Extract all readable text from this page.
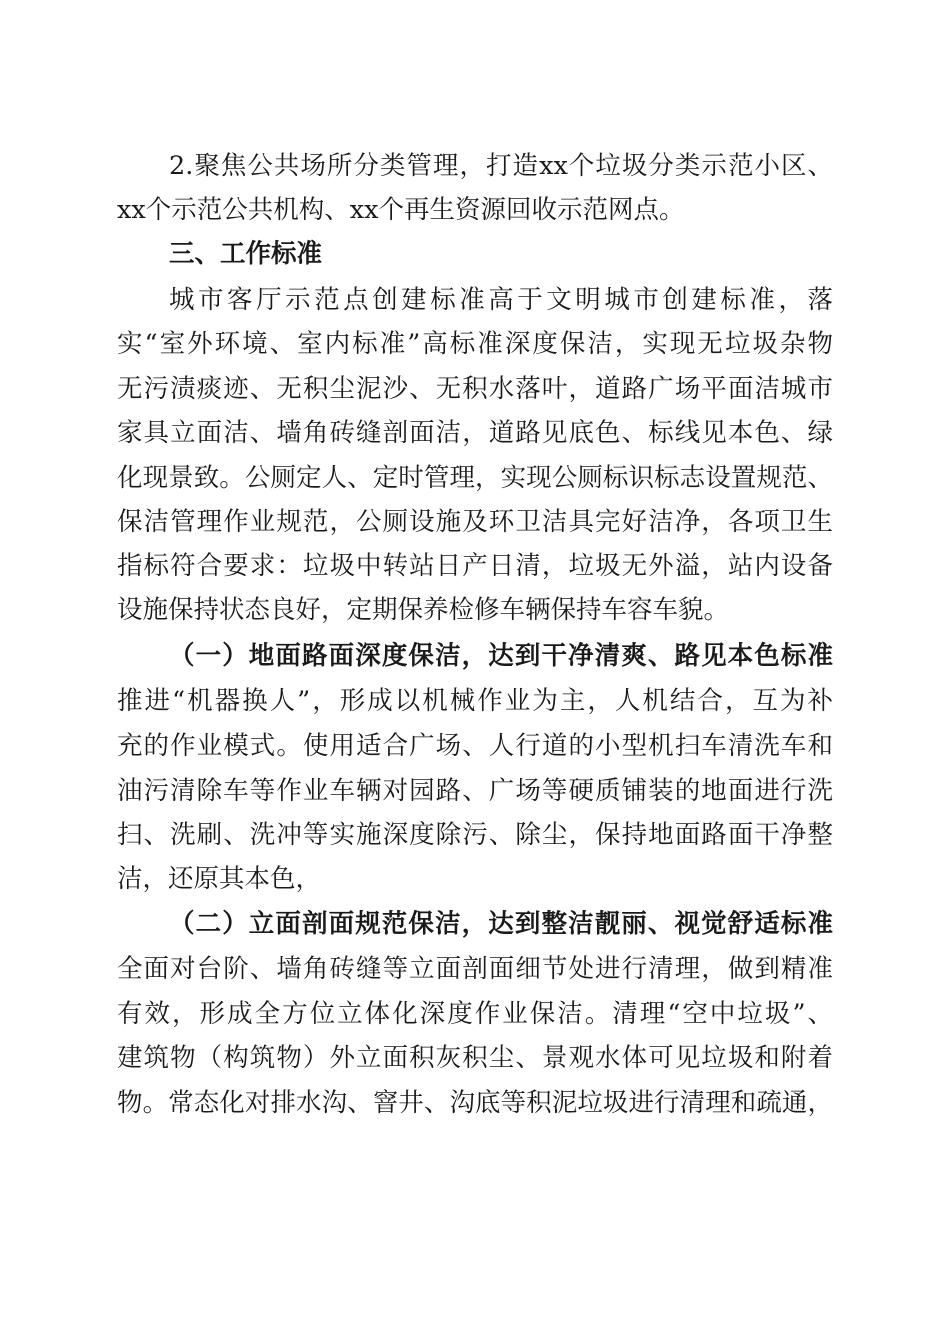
2.聚焦公共场所分类管理，打造xx个垃圾分类示范小区、
xx个示范公共机构、xx个再生资源回收示范网点。
三、工作标准
城市客厅示范点创建标准高于文明城市创建标准，落
实“室外环境、室内标准”高标准深度保洁，实现无垃圾杂物
无污渍痰迹、无积尘泥沙、无积水落叶，道路广场平面洁城市
家具立面洁、墙角砖缝剖面洁，道路见底色、标线见本色、绿
化现景致。公厕定人、定时管理，实现公厕标识标志设置规范、
保洁管理作业规范，公厕设施及环卫洁具完好洁净，各项卫生
指标符合要求：垃圾中转站日产日清，垃圾无外溢，站内设备
设施保持状态良好，定期保养检修车辆保持车容车貌。
（一）地面路面深度保洁，达到干净清爽、路见本色标准
推进“机器换人”，形成以机械作业为主，人机结合，互为补
充的作业模式。使用适合广场、人行道的小型机扫车清洗车和
油污清除车等作业车辆对园路、广场等硬质铺装的地面进行洗
扫、洗刷、洗冲等实施深度除污、除尘，保持地面路面干净整
洁，还原其本色，
（二）立面剖面规范保洁，达到整洁靓丽、视觉舒适标准
全面对台阶、墙角砖缝等立面剖面细节处进行清理，做到精准
有效，形成全方位立体化深度作业保洁。清理“空中垃圾”、
建筑物（构筑物）外立面积灰积尘、景观水体可见垃圾和附着
物。常态化对排水沟、窨井、沟底等积泥垃圾进行清理和疏通，
